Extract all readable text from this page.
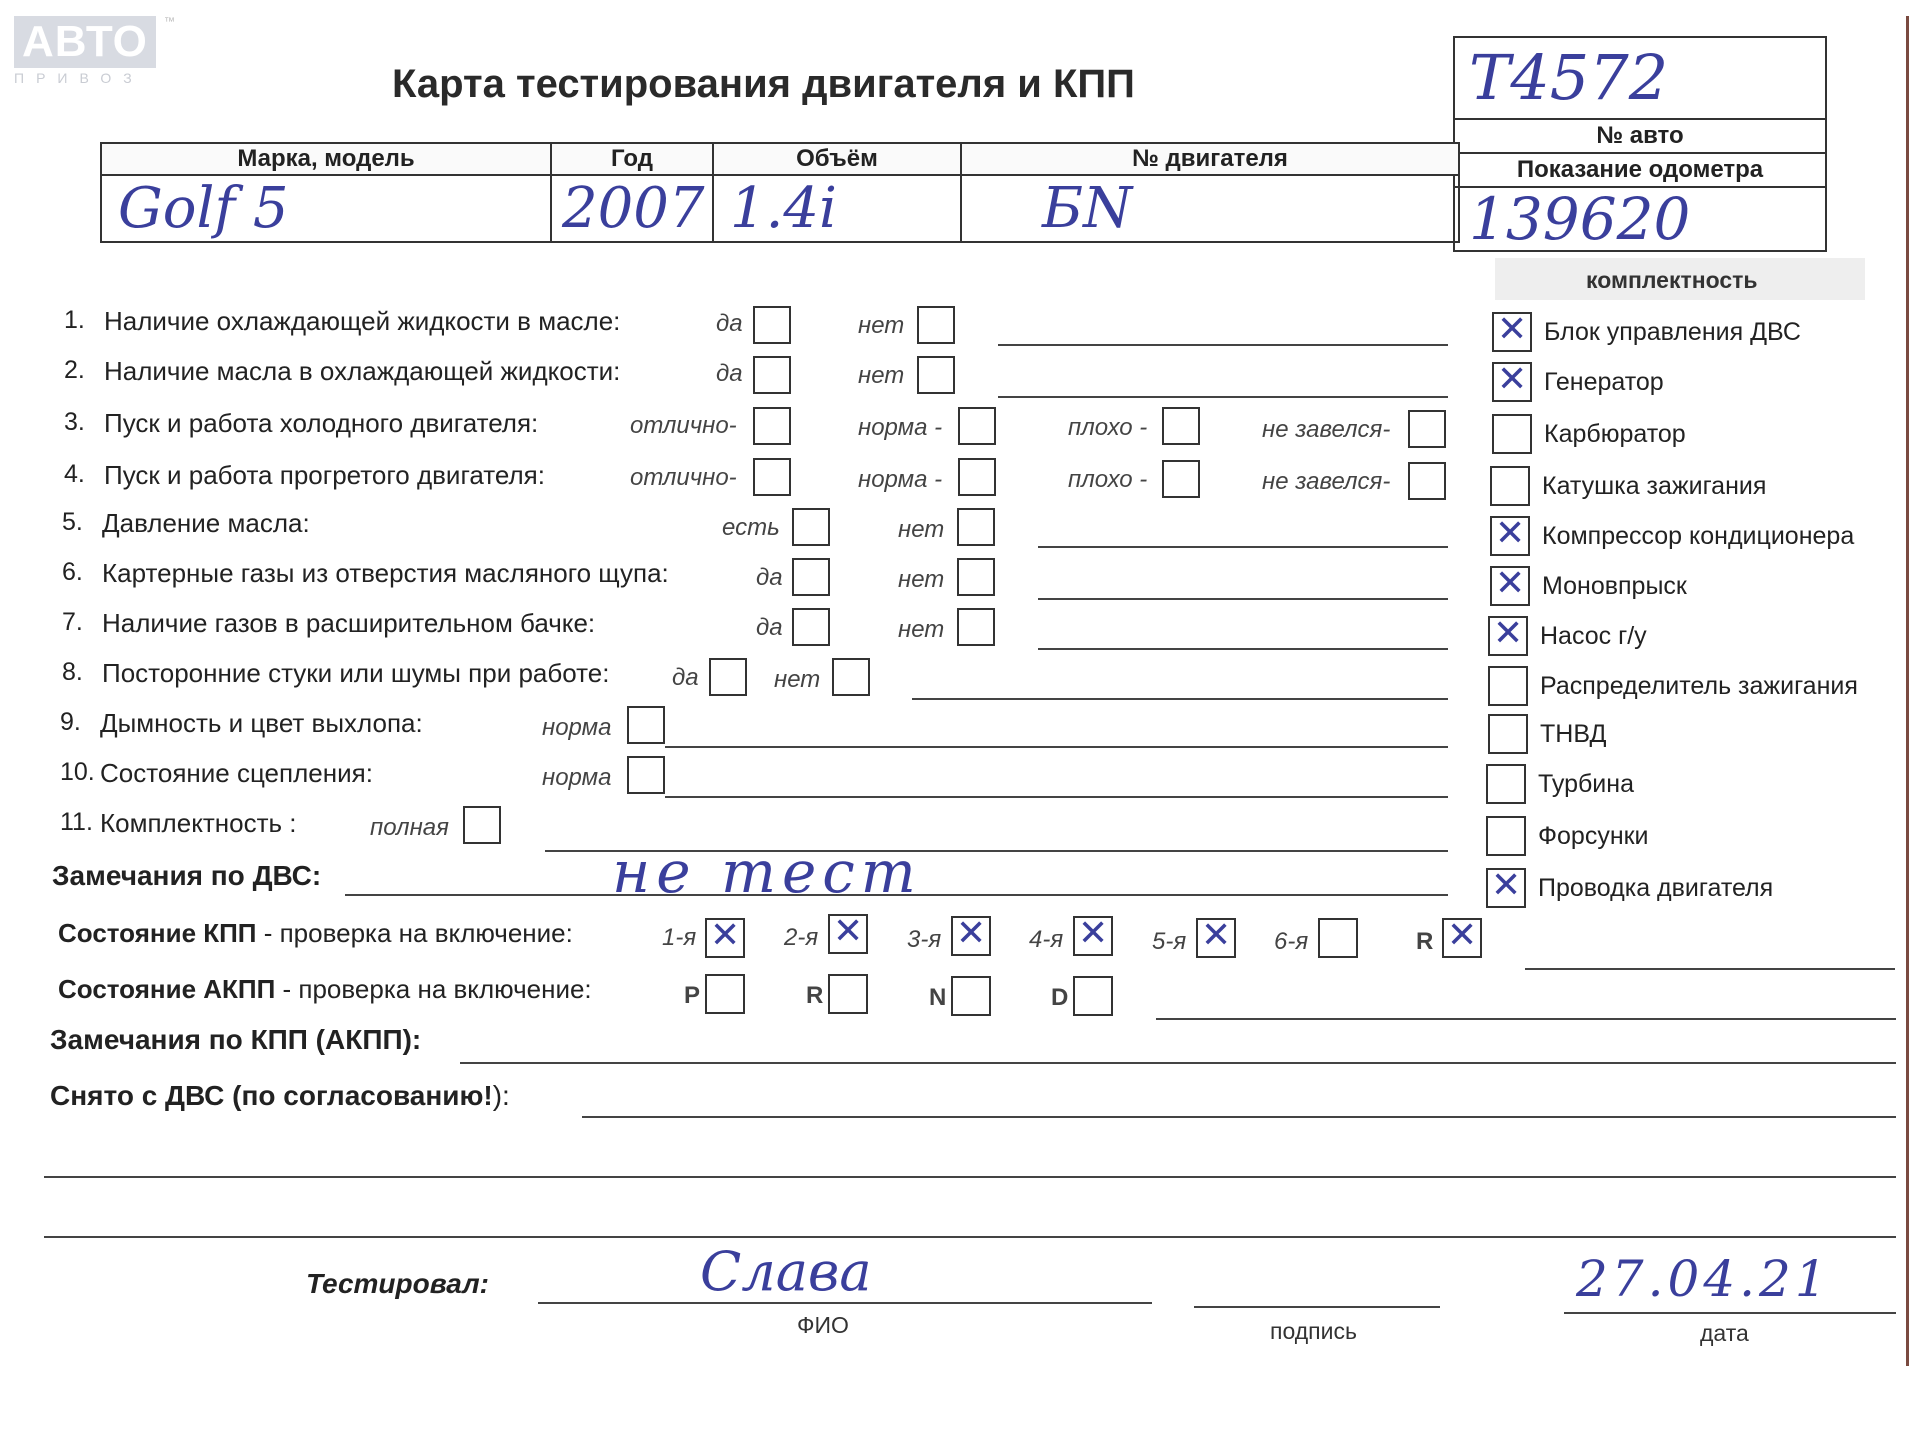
АВТО ™
ПРИВОЗ	Карта тестирования двигателя и КПП	T4572
№ авто
Показание одометра
139620
Марка, модель	Год	Объём	№ двигателя
Golf 5	2007	1.4i	БN
комплектность
1. Наличие охлаждающей жидкости в масле:	да	нет
2. Наличие масла в охлаждающей жидкости:	да	нет
3. Пуск и работа холодного двигателя:	отлично-	норма -	плохо -	не завелся-
4. Пуск и работа прогретого двигателя:	отлично-	норма -	плохо -	не завелся-
5. Давление масла:	есть	нет
6. Картерные газы из отверстия масляного щупа:	да	нет
7. Наличие газов в расширительном бачке:	да	нет
8. Посторонние стуки или шумы при работе:	да	нет
9. Дымность и цвет выхлопа:	норма
10. Состояние сцепления:	норма
11. Комплектность :	полная
Замечания по ДВС:	не тест
Состояние КПП - проверка на включение:	1-я ✕ 2-я ✕ 3-я ✕ 4-я ✕ 5-я ✕ 6-я	R ✕
Состояние АКПП - проверка на включение:	P	R	N	D
Замечания по КПП (АКПП):
Снято с ДВС (по согласованию!):
Тестировал:	Слава	27.04.21
ФИО	подпись	дата
✕ Блок управления ДВС
✕ Генератор
Карбюратор
Катушка зажигания
✕ Компрессор кондиционера
✕ Моновпрыск
✕ Насос г/у
Распределитель зажигания
ТНВД
Турбина
Форсунки
✕ Проводка двигателя
